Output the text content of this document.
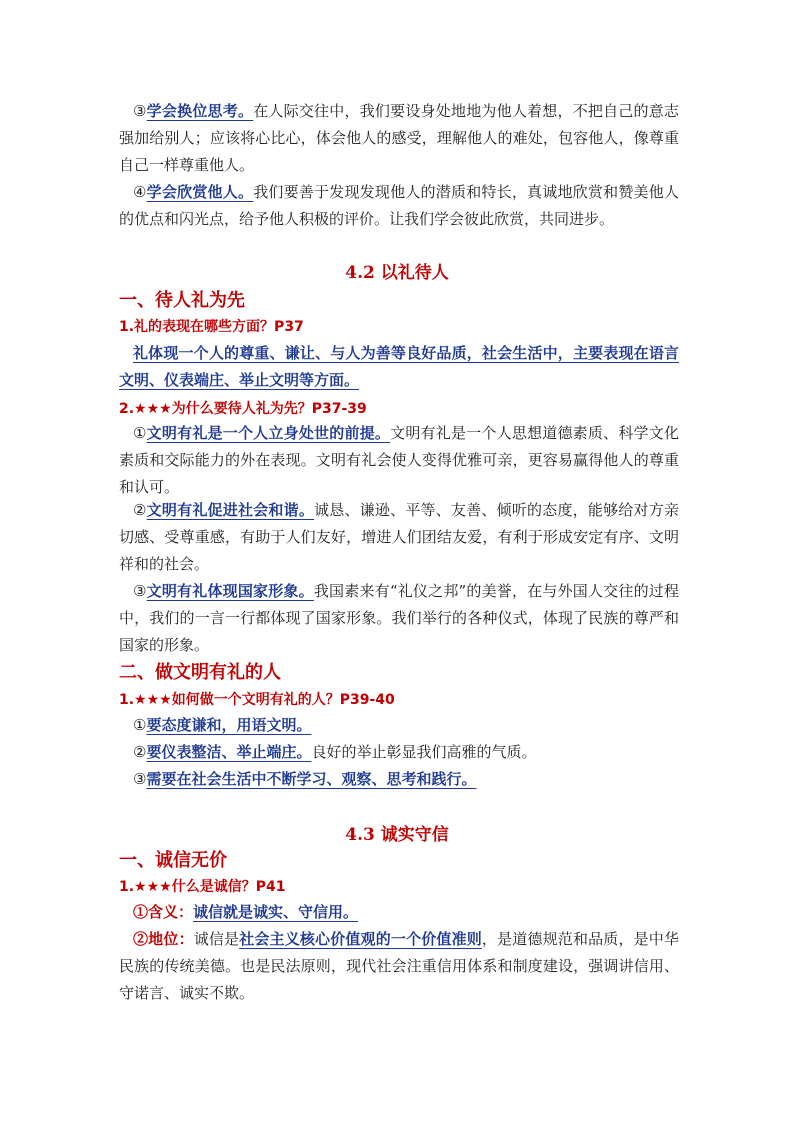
③学会换位思考。在人际交往中，我们要设身处地地为他人着想，不把自己的意志强加给别人；应该将心比心，体会他人的感受，理解他人的难处，包容他人，像尊重自己一样尊重他人。

④学会欣赏他人。我们要善于发现发现他人的潜质和特长，真诚地欣赏和赞美他人的优点和闪光点，给予他人积极的评价。让我们学会彼此欣赏，共同进步。

4.2 以礼待人
一、待人礼为先

1.礼的表现在哪些方面？P37

礼体现一个人的尊重、谦让、与人为善等良好品质，社会生活中，主要表现在语言文明、仪表端庄、举止文明等方面。

2.★★★为什么要待人礼为先？P37-39

①文明有礼是一个人立身处世的前提。文明有礼是一个人思想道德素质、科学文化素质和交际能力的外在表现。文明有礼会使人变得优雅可亲，更容易赢得他人的尊重和认可。

②文明有礼促进社会和谐。诚恳、谦逊、平等、友善、倾听的态度，能够给对方亲切感、受尊重感，有助于人们友好，增进人们团结友爱，有利于形成安定有序、文明祥和的社会。

③文明有礼体现国家形象。我国素来有“礼仪之邦”的美誉，在与外国人交往的过程中，我们的一言一行都体现了国家形象。我们举行的各种仪式，体现了民族的尊严和国家的形象。

二、做文明有礼的人

1.★★★如何做一个文明有礼的人？P39-40

①要态度谦和，用语文明。

②要仪表整洁、举止端庄。良好的举止彰显我们高雅的气质。

③需要在社会生活中不断学习、观察、思考和践行。

4.3 诚实守信
一、诚信无价

1.★★★什么是诚信？P41

①含义：诚信就是诚实、守信用。

②地位：诚信是社会主义核心价值观的一个价值准则，是道德规范和品质，是中华民族的传统美德。也是民法原则，现代社会注重信用体系和制度建设，强调讲信用、守诺言、诚实不欺。
